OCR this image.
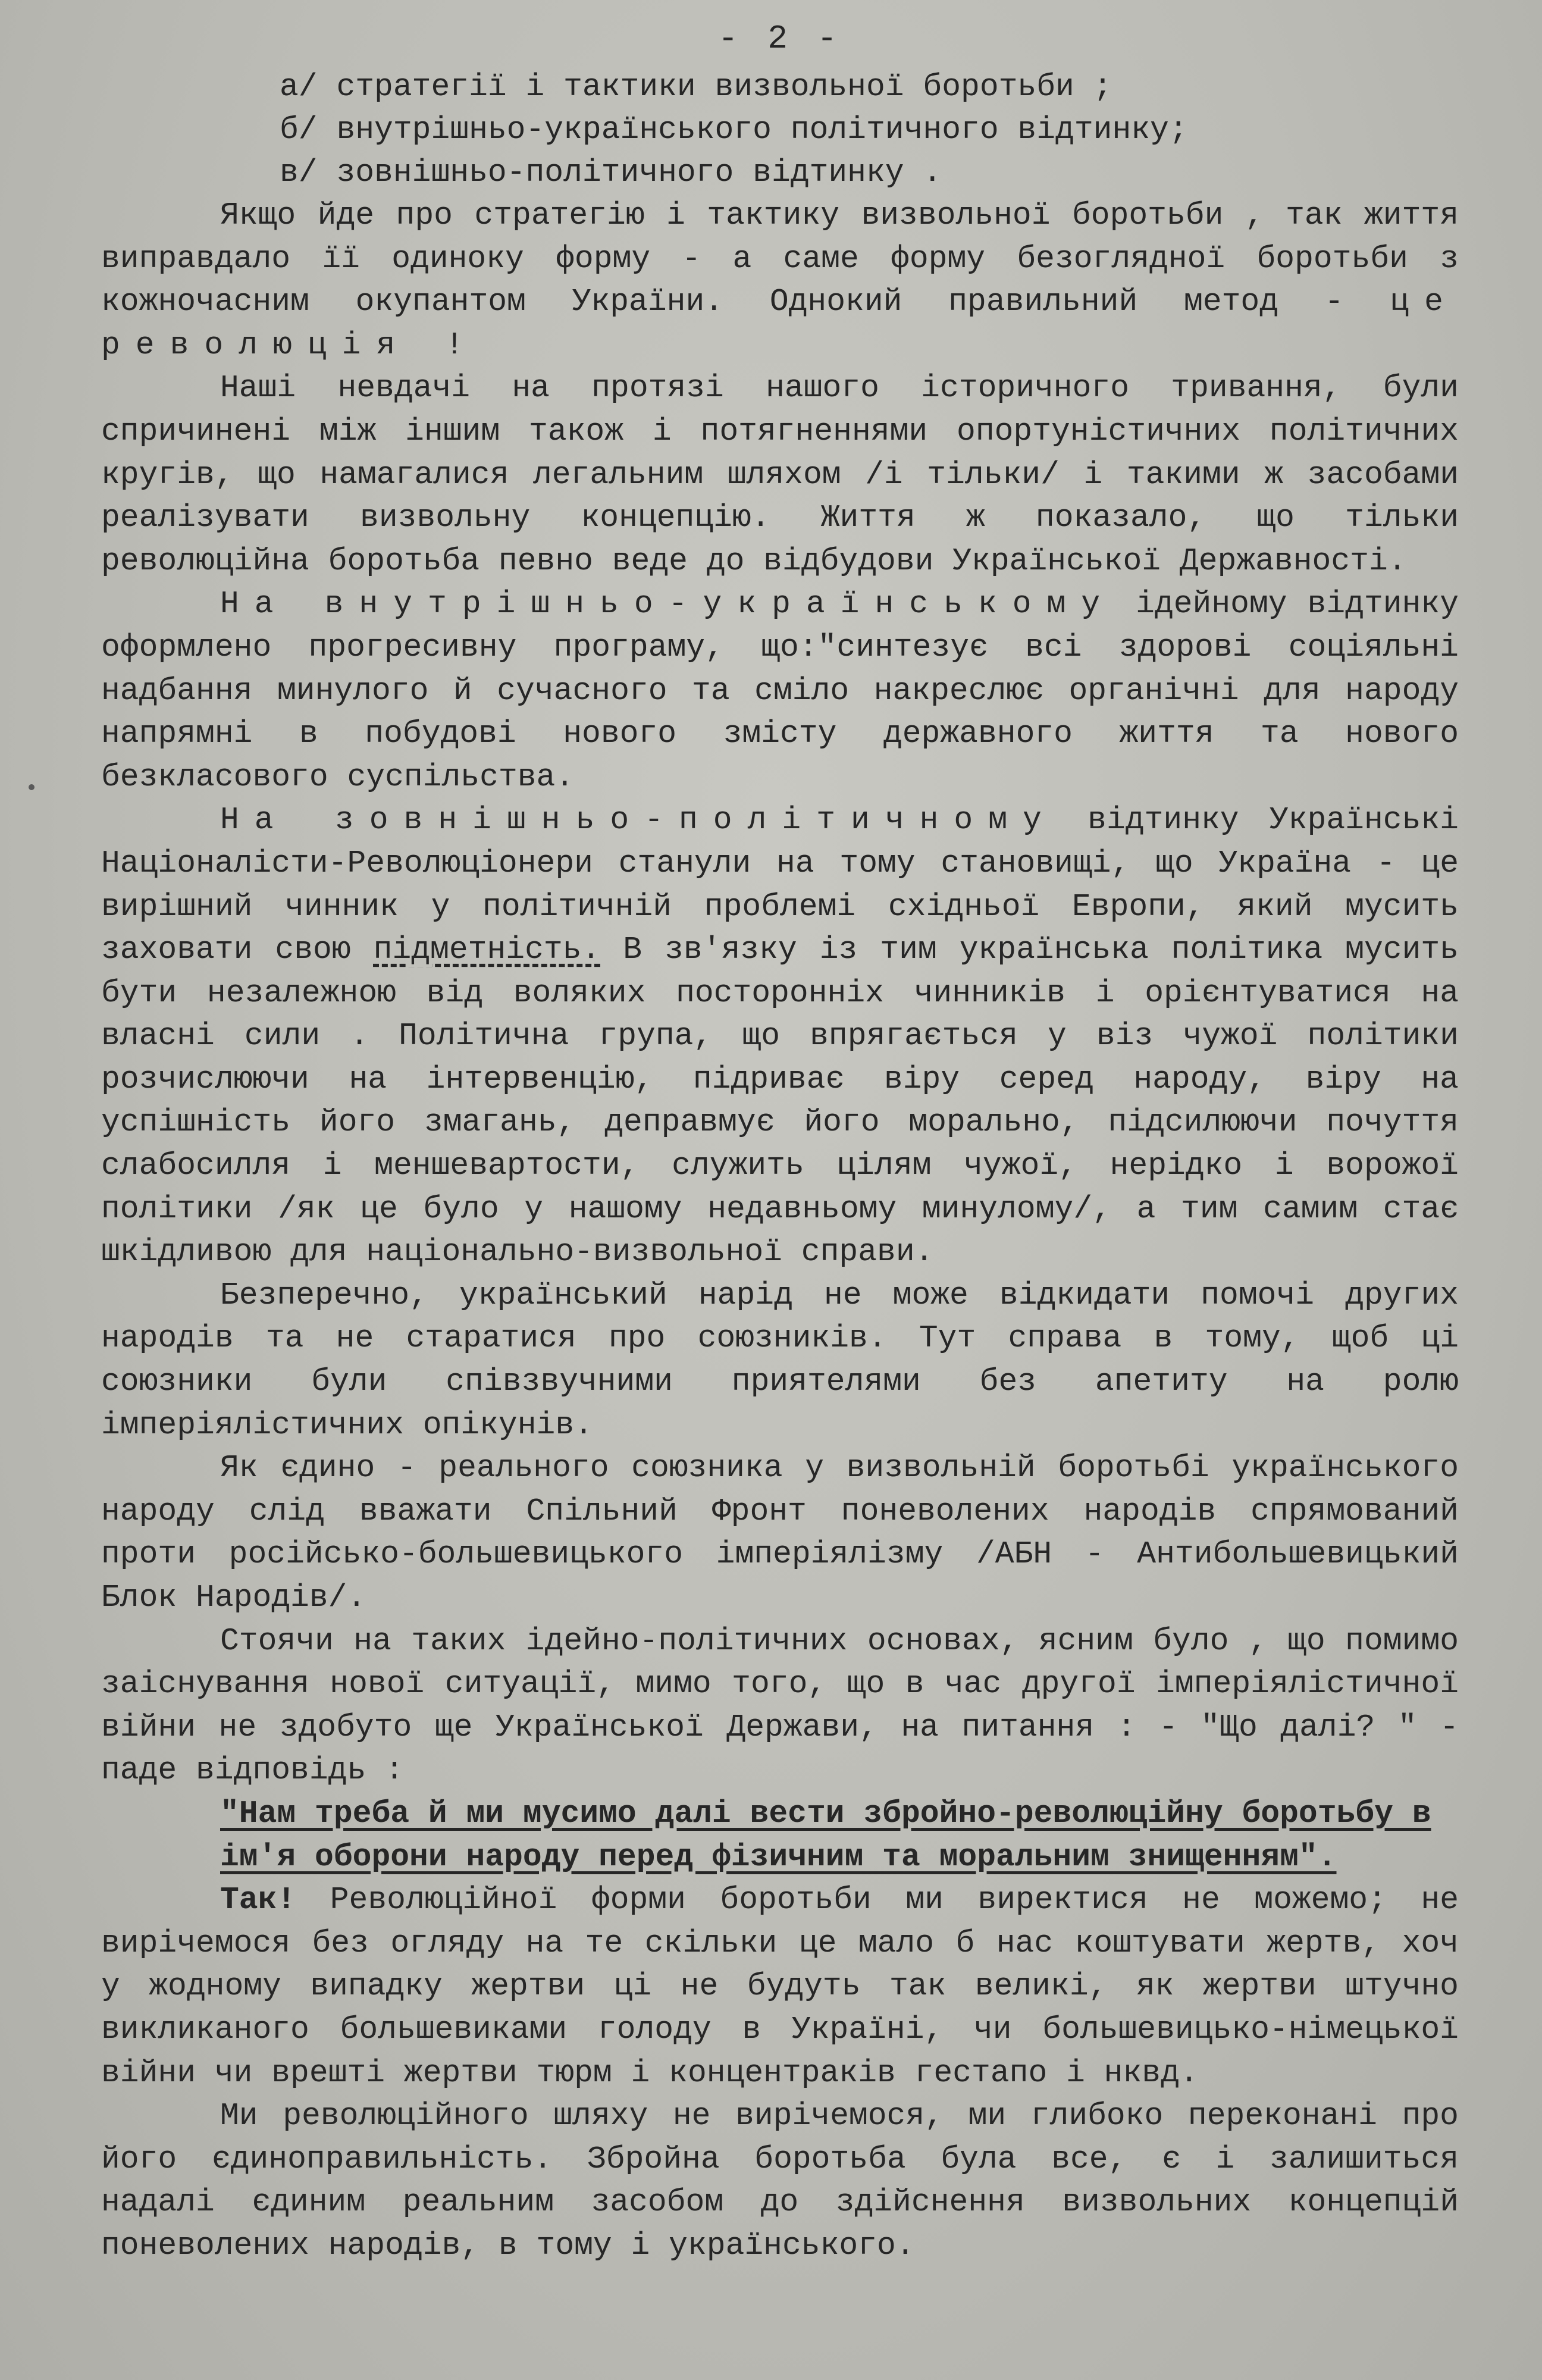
- 2 -
а/ стратегії і тактики визвольної боротьби ;
б/ внутрішньо-українського політичного відтинку;
в/ зовнішньо-політичного відтинку .

Якщо йде про стратегію і тактику визвольної боротьби , так життя виправдало її одиноку форму - а саме форму безоглядної боротьби з кожночасним окупантом України. Однокий правильний метод - це революція !

Наші невдачі на протязі нашого історичного тривання, були спричинені між іншим також і потягненнями опортуністичних політичних кругів, що намагалися легальним шляхом /і тільки/ і такими ж засобами реалізувати визвольну концепцію. Життя ж показало, що тільки революційна боротьба певно веде до відбудови Української Державності.

На внутрішньо-українському ідейному відтинку оформлено прогресивну програму, що:"синтезує всі здорові соціяльні надбання минулого й сучасного та сміло накреслює органічні для народу напрямні в побудові нового змісту державного життя та нового безкласового суспільства.

На зовнішньо-політичному відтинку Українські Націоналісти-Революціонери станули на тому становищі, що Україна - це вирішний чинник у політичній проблемі східньої Европи, який мусить заховати свою підметність. В зв'язку із тим українська політика мусить бути незалежною від воляких посторонніх чинників і орієнтуватися на власні сили . Політична група, що впрягається у віз чужої політики розчислюючи на інтервенцію, підриває віру серед народу, віру на успішність його змагань, деправмує його морально, підсилюючи почуття слабосилля і меншевартости, служить цілям чужої, нерідко і ворожої політики /як це було у нашому недавньому минулому/, а тим самим стає шкідливою для національно-визвольної справи.

Безперечно, український нарід не може відкидати помочі других народів та не старатися про союзників. Тут справа в тому, щоб ці союзники були співзвучними приятелями без апетиту на ролю імперіялістичних опікунів.

Як єдино - реального союзника у визвольній боротьбі українського народу слід вважати Спільний Фронт поневолених народів спрямований проти російсько-большевицького імперіялізму /АБН - Антибольшевицький Блок Народів/.

Стоячи на таких ідейно-політичних основах, ясним було , що помимо заіснування нової ситуації, мимо того, що в час другої імперіялістичної війни не здобуто ще Української Держави, на питання : - "Що далі? " - паде відповідь :

"Нам треба й ми мусимо далі вести збройно-революційну боротьбу в ім'я оборони народу перед фізичним та моральним знищенням".

Так! Революційної форми боротьби ми виректися не можемо; не вирічемося без огляду на те скільки це мало б нас коштувати жертв, хоч у жодному випадку жертви ці не будуть так великі, як жертви штучно викликаного большевиками голоду в Україні, чи большевицько-німецької війни чи врешті жертви тюрм і концентраків гестапо і нквд.

Ми революційного шляху не вирічемося, ми глибоко переконані про його єдиноправильність. Збройна боротьба була все, є і залишиться надалі єдиним реальним засобом до здійснення визвольних концепцій поневолених народів, в тому і українського.
